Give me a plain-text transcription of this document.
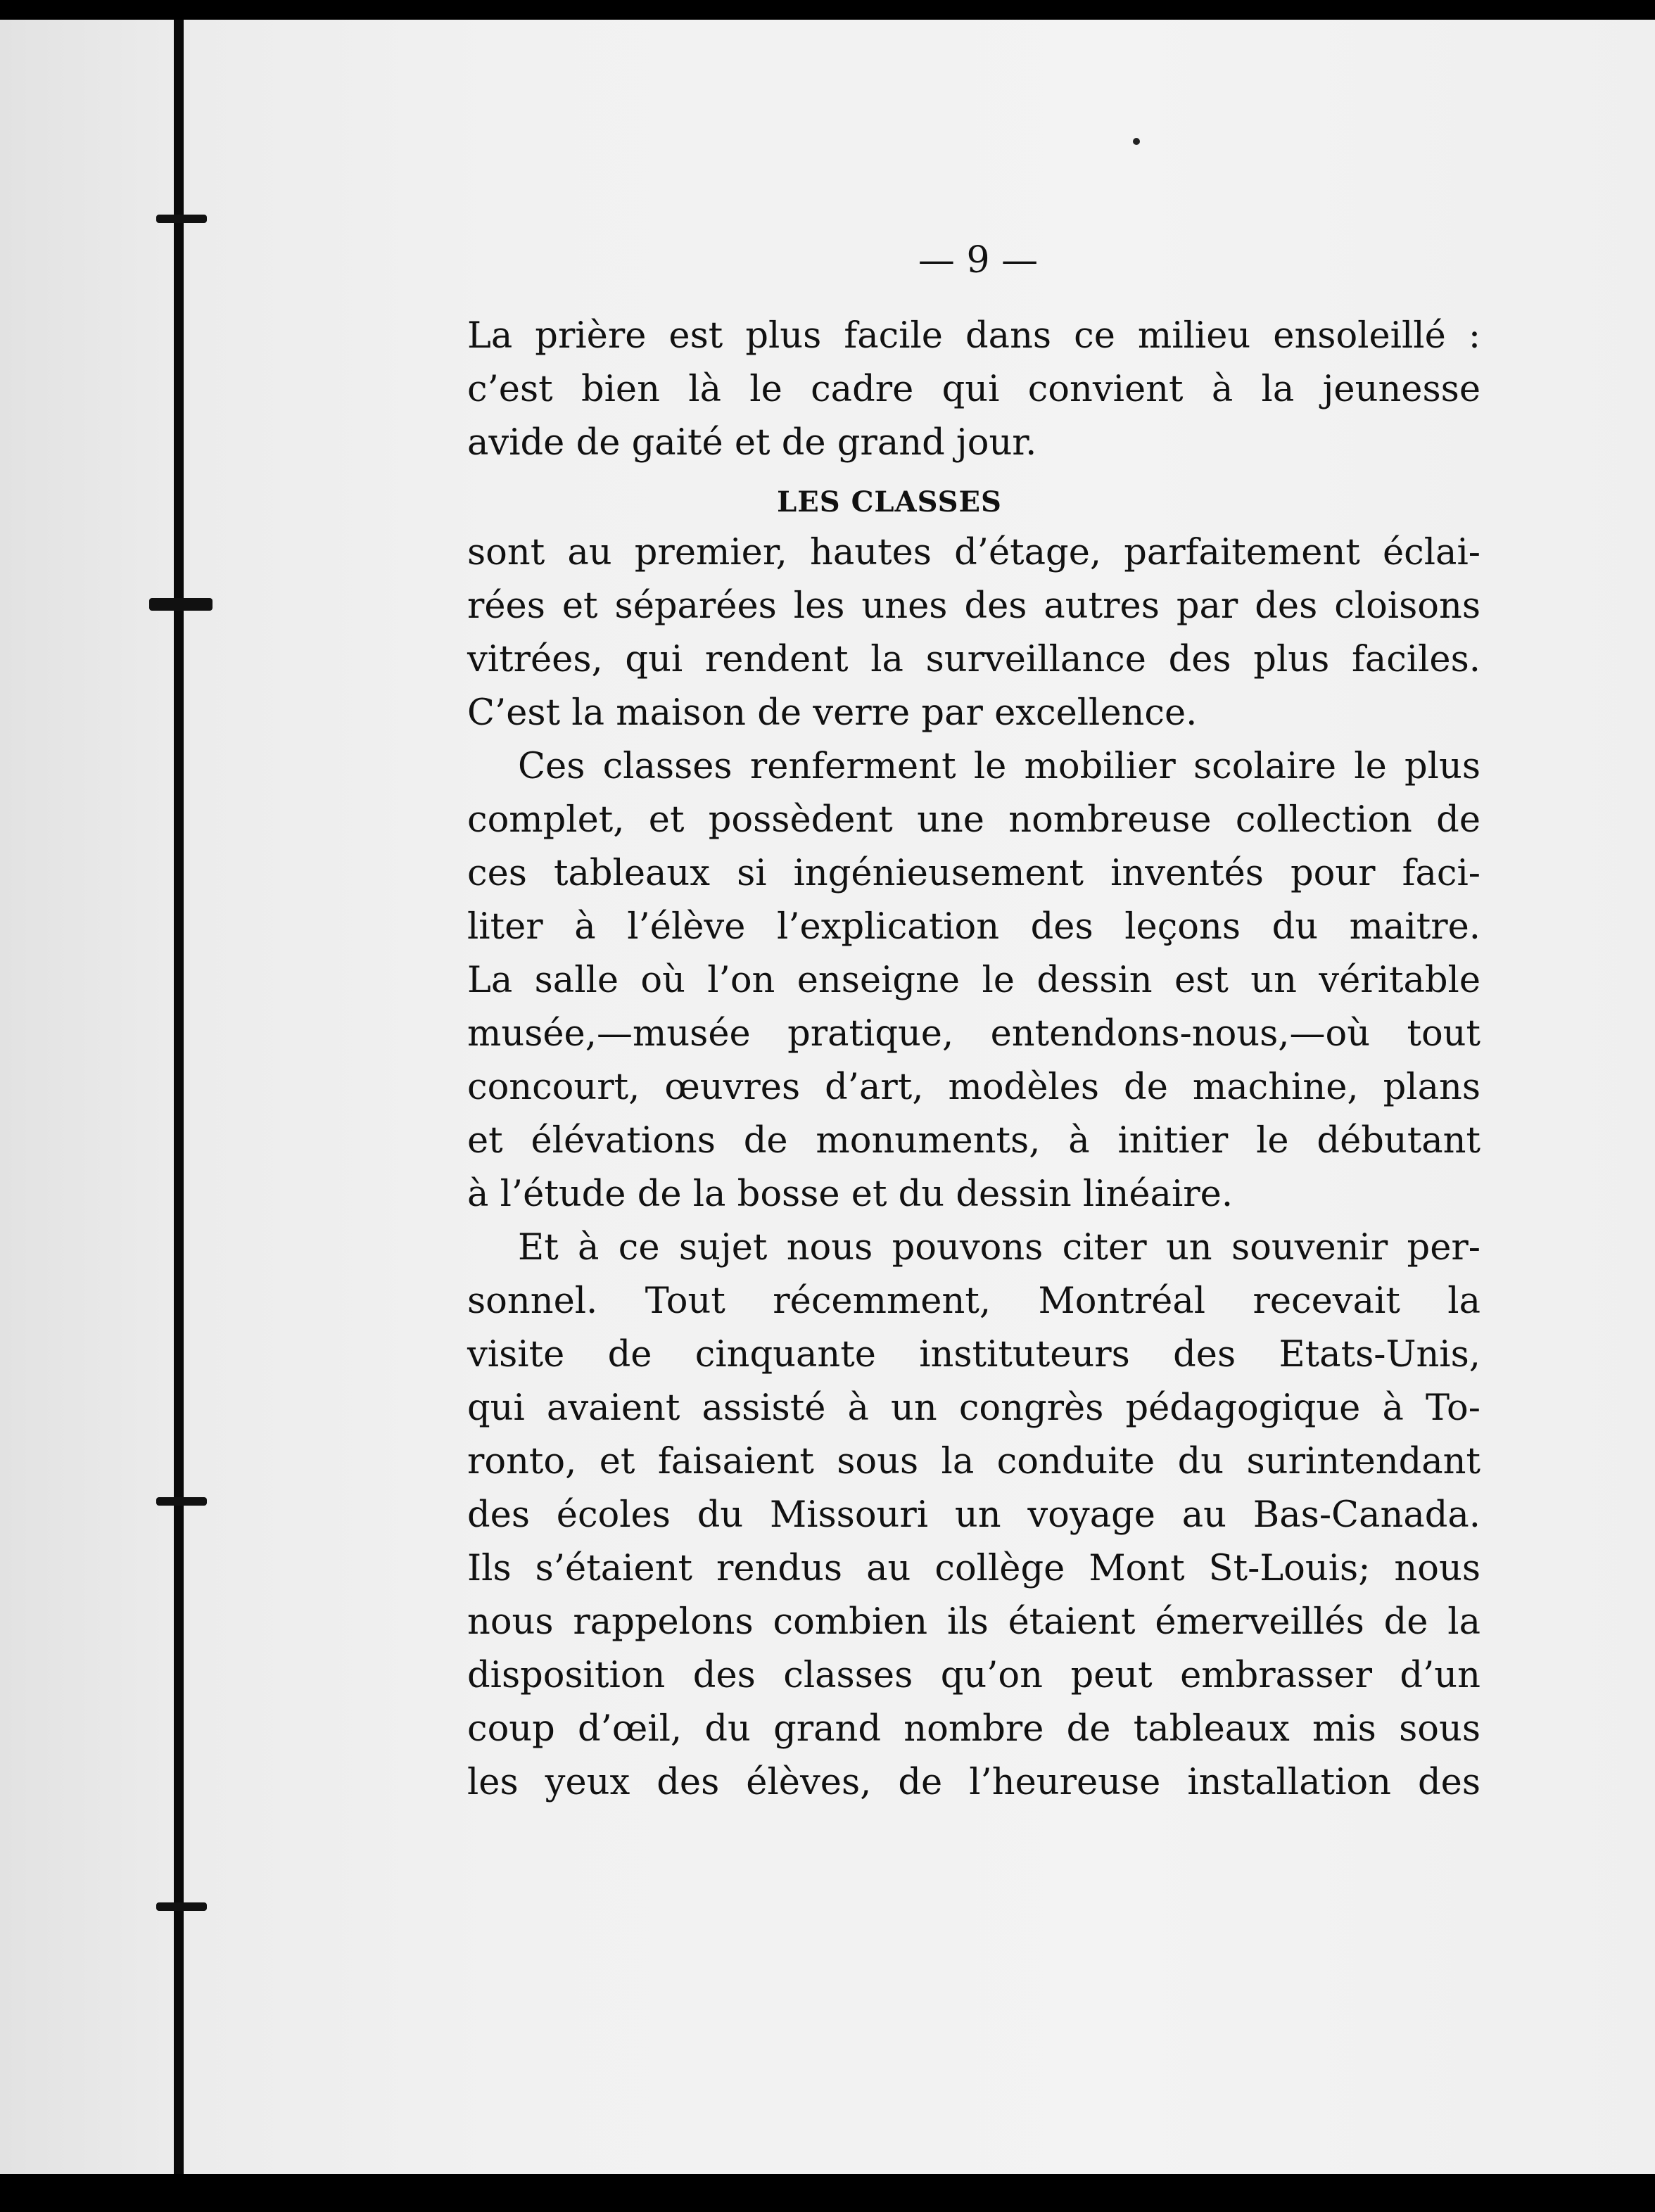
— 9 —
La prière est plus facile dans ce milieu ensoleillé :
c’est bien là le cadre qui convient à la jeunesse
avide de gaité et de grand jour.
LES CLASSES
sont au premier, hautes d’étage, parfaitement éclai-
rées et séparées les unes des autres par des cloisons
vitrées, qui rendent la surveillance des plus faciles.
C’est la maison de verre par excellence.
Ces classes renferment le mobilier scolaire le plus
complet, et possèdent une nombreuse collection de
ces tableaux si ingénieusement inventés pour faci-
liter à l’élève l’explication des leçons du maitre.
La salle où l’on enseigne le dessin est un véritable
musée,—musée pratique, entendons-nous,—où tout
concourt, œuvres d’art, modèles de machine, plans
et élévations de monuments, à initier le débutant
à l’étude de la bosse et du dessin linéaire.
Et à ce sujet nous pouvons citer un souvenir per-
sonnel. Tout récemment, Montréal recevait la
visite de cinquante instituteurs des Etats-Unis,
qui avaient assisté à un congrès pédagogique à To-
ronto, et faisaient sous la conduite du surintendant
des écoles du Missouri un voyage au Bas-Canada.
Ils s’étaient rendus au collège Mont St-Louis; nous
nous rappelons combien ils étaient émerveillés de la
disposition des classes qu’on peut embrasser d’un
coup d’œil, du grand nombre de tableaux mis sous
les yeux des élèves, de l’heureuse installation des
